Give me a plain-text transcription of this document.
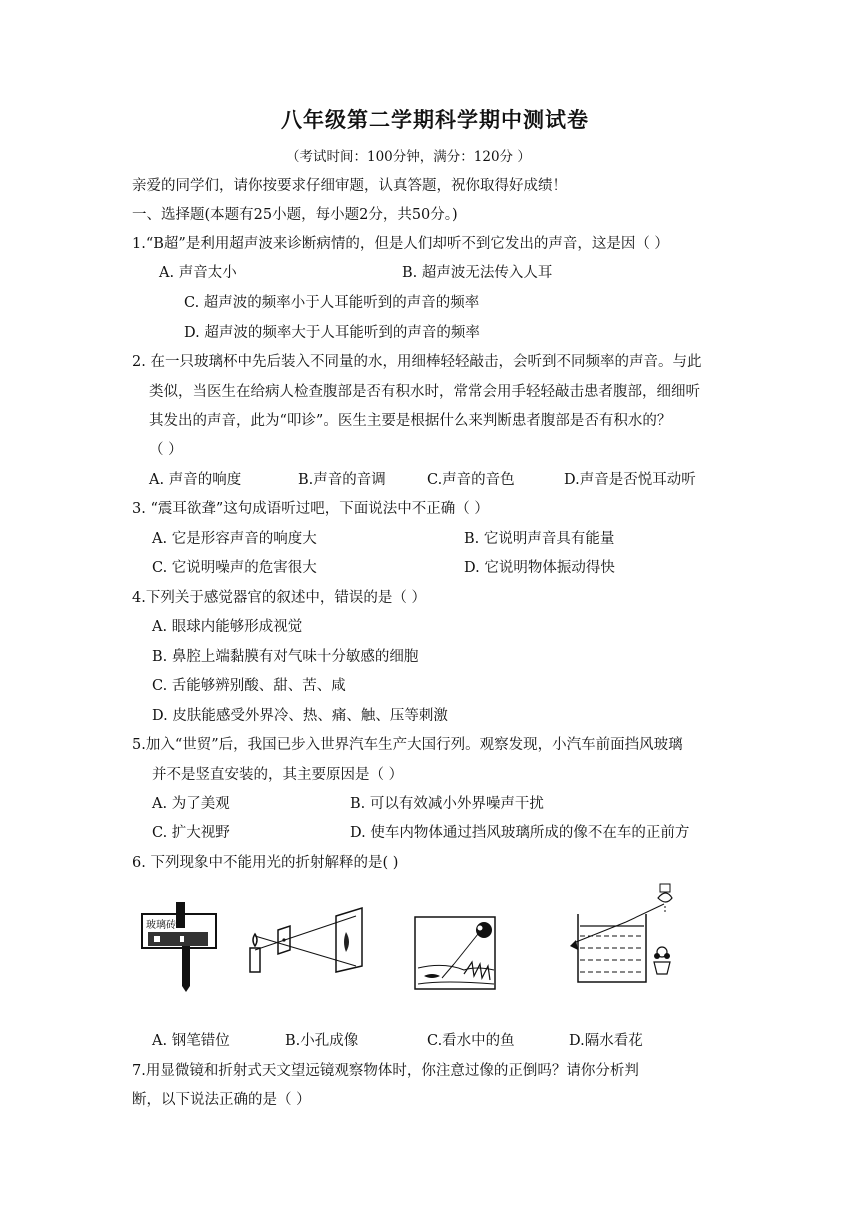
八年级第二学期科学期中测试卷
（考试时间：100分钟，满分：120分 ）
亲爱的同学们，请你按要求仔细审题，认真答题，祝你取得好成绩！
一、选择题(本题有25小题，每小题2分，共50分。)
1.“B超”是利用超声波来诊断病情的，但是人们却听不到它发出的声音，这是因（ ）
A. 声音太小	B. 超声波无法传入人耳
C. 超声波的频率小于人耳能听到的声音的频率
D. 超声波的频率大于人耳能听到的声音的频率
2. 在一只玻璃杯中先后装入不同量的水，用细棒轻轻敲击，会听到不同频率的声音。与此
类似，当医生在给病人检查腹部是否有积水时，常常会用手轻轻敲击患者腹部，细细听
其发出的声音，此为“叩诊”。医生主要是根据什么来判断患者腹部是否有积水的？
（ ）
A. 声音的响度	B.声音的音调	C.声音的音色	D.声音是否悦耳动听
3. “震耳欲聋”这句成语听过吧，下面说法中不正确（ ）
A. 它是形容声音的响度大	B. 它说明声音具有能量
C. 它说明噪声的危害很大	D. 它说明物体振动得快
4.下列关于感觉器官的叙述中，错误的是（ ）
A. 眼球内能够形成视觉
B. 鼻腔上端黏膜有对气味十分敏感的细胞
C. 舌能够辨别酸、甜、苦、咸
D. 皮肤能感受外界冷、热、痛、触、压等刺激
5.加入“世贸”后，我国已步入世界汽车生产大国行列。观察发现，小汽车前面挡风玻璃
并不是竖直安装的，其主要原因是（ ）
A. 为了美观	B. 可以有效减小外界噪声干扰
C. 扩大视野	D. 使车内物体通过挡风玻璃所成的像不在车的正前方
6. 下列现象中不能用光的折射解释的是( )
玻璃砖
A. 钢笔错位	B.小孔成像	C.看水中的鱼	D.隔水看花
7.用显微镜和折射式天文望远镜观察物体时，你注意过像的正倒吗？请你分析判
断，以下说法正确的是（ ）
